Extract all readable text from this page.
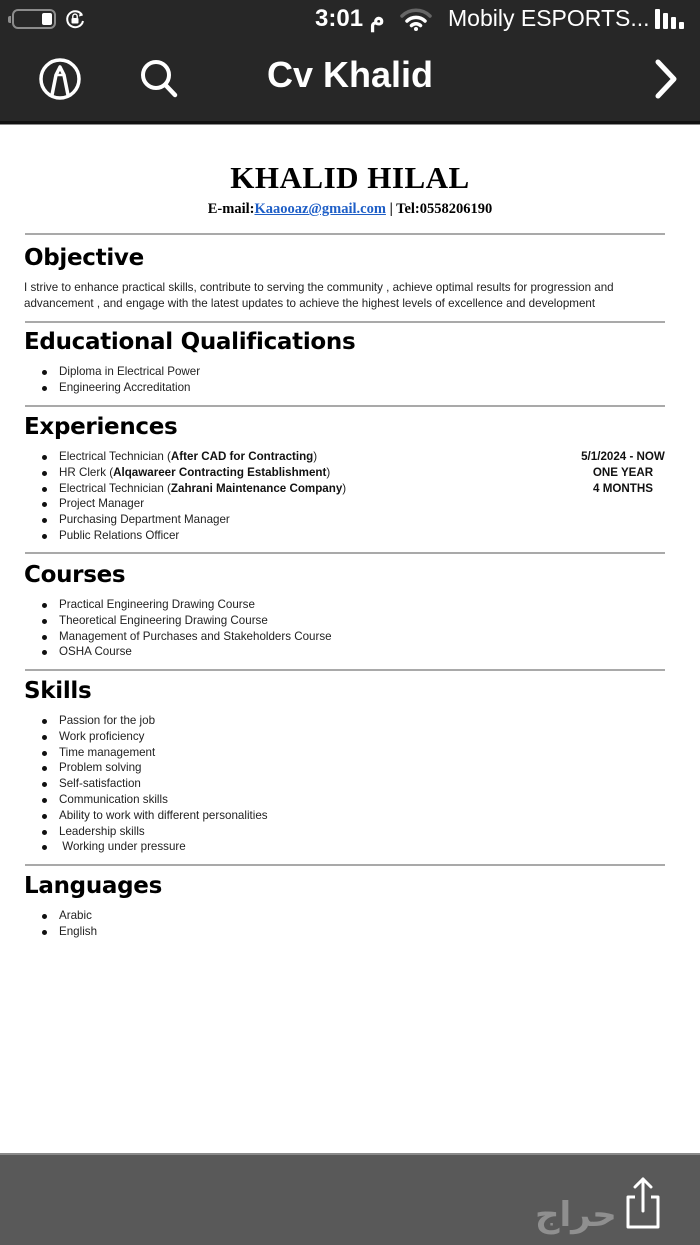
3:01 م	Mobily ESPORTS...
Cv Khalid
KHALID HILAL
E-mail:Kaaooaz@gmail.com | Tel:0558206190
Objective
I strive to enhance practical skills, contribute to serving the community , achieve optimal results for progression and
advancement , and engage with the latest updates to achieve the highest levels of excellence and development
Educational Qualifications
Diploma in Electrical Power
Engineering Accreditation
Experiences
Electrical Technician (After CAD for Contracting)
HR Clerk (Alqawareer Contracting Establishment)
Electrical Technician (Zahrani Maintenance Company)
Project Manager
Purchasing Department Manager
Public Relations Officer
5/1/2024 - NOW
ONE YEAR
4 MONTHS
Courses
Practical Engineering Drawing Course
Theoretical Engineering Drawing Course
Management of Purchases and Stakeholders Course
OSHA Course
Skills
Passion for the job
Work proficiency
Time management
Problem solving
Self-satisfaction
Communication skills
Ability to work with different personalities
Leadership skills
Working under pressure
Languages
Arabic
English
حراج
